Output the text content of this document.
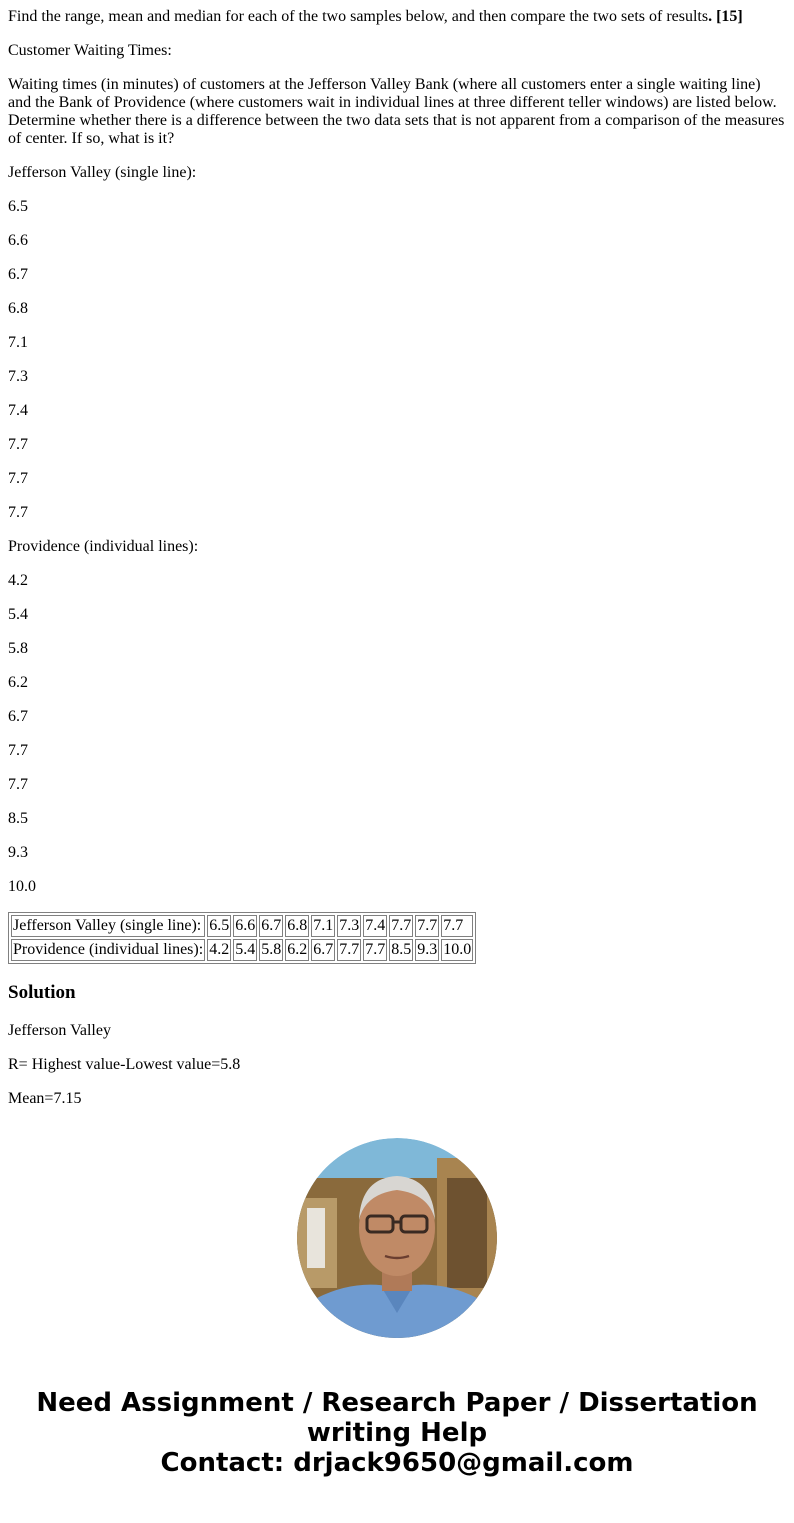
Find the range, mean and median for each of the two samples below, and then compare the two sets of results. [15]

Customer Waiting Times:

Waiting times (in minutes) of customers at the Jefferson Valley Bank (where all customers enter a single waiting line) and the Bank of Providence (where customers wait in individual lines at three different teller windows) are listed below. Determine whether there is a difference between the two data sets that is not apparent from a comparison of the measures of center. If so, what is it?

Jefferson Valley (single line):

6.5

6.6

6.7

6.8

7.1

7.3

7.4

7.7

7.7

7.7

Providence (individual lines):

4.2

5.4

5.8

6.2

6.7

7.7

7.7

8.5

9.3

10.0

Jefferson Valley (single line):	6.5	6.6	6.7	6.8	7.1	7.3	7.4	7.7	7.7	7.7
Providence (individual lines):	4.2	5.4	5.8	6.2	6.7	7.7	7.7	8.5	9.3	10.0
Solution

Jefferson Valley

R= Highest value-Lowest value=5.8

Mean=7.15

Need Assignment / Research Paper / Dissertation
writing Help
Contact: drjack9650@gmail.com
